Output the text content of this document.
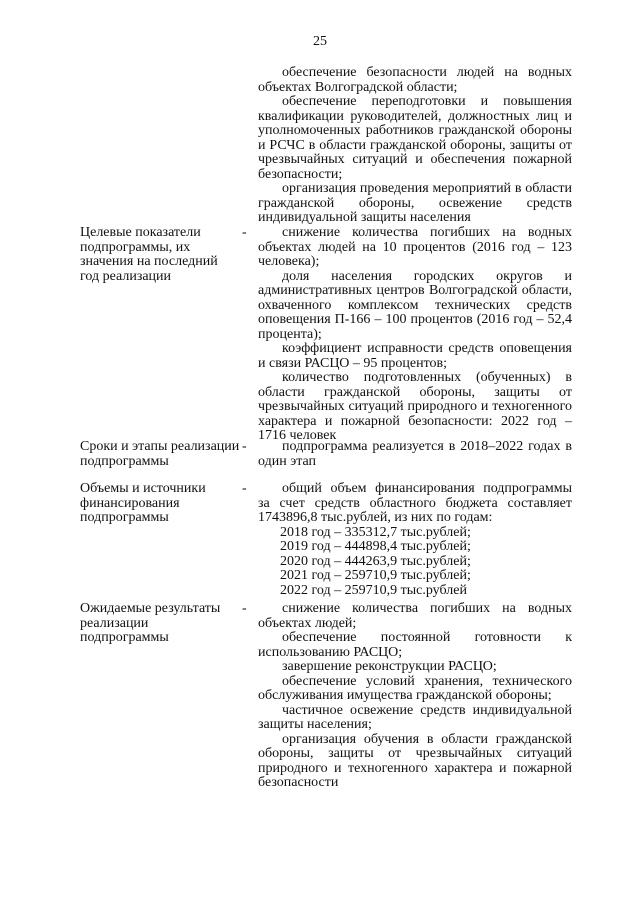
25

обеспечение безопасности людей на водных объектах Волгоградской области;

обеспечение переподготовки и повышения квалификации руководителей, должностных лиц и уполномоченных работников гражданской обороны и РСЧС в области гражданской обороны, защиты от чрезвычайных ситуаций и обеспечения пожарной безопасности;

организация проведения мероприятий в области гражданской обороны, освежение средств индивидуальной защиты населения

Целевые показатели подпрограммы, их значения на последний год реализации
-	снижение количества погибших на водных объектах людей на 10 процентов (2016 год – 123 человека);

доля населения городских округов и административных центров Волгоградской области, охваченного комплексом технических средств оповещения П-166 – 100 процентов (2016 год – 52,4 процента);

коэффициент исправности средств оповещения и связи РАСЦО – 95 процентов;

количество подготовленных (обученных) в области гражданской обороны, защиты от чрезвычайных ситуаций природного и техногенного характера и пожарной безопасности: 2022 год – 1716 человек

Сроки и этапы реализации подпрограммы
-	подпрограмма реализуется в 2018–2022 годах в один этап

Объемы и источники финансирования подпрограммы
-	общий объем финансирования подпрограммы за счет средств областного бюджета составляет 1743896,8 тыс.рублей, из них по годам:

2018 год – 335312,7 тыс.рублей;

2019 год – 444898,4 тыс.рублей;

2020 год – 444263,9 тыс.рублей;

2021 год – 259710,9 тыс.рублей;

2022 год – 259710,9 тыс.рублей

Ожидаемые результаты реализации подпрограммы
-	снижение количества погибших на водных объектах людей;

обеспечение постоянной готовности к использованию РАСЦО;

завершение реконструкции РАСЦО;

обеспечение условий хранения, технического обслуживания имущества гражданской обороны;

частичное освежение средств индивидуальной защиты населения;

организация обучения в области гражданской обороны, защиты от чрезвычайных ситуаций природного и техногенного характера и пожарной безопасности
